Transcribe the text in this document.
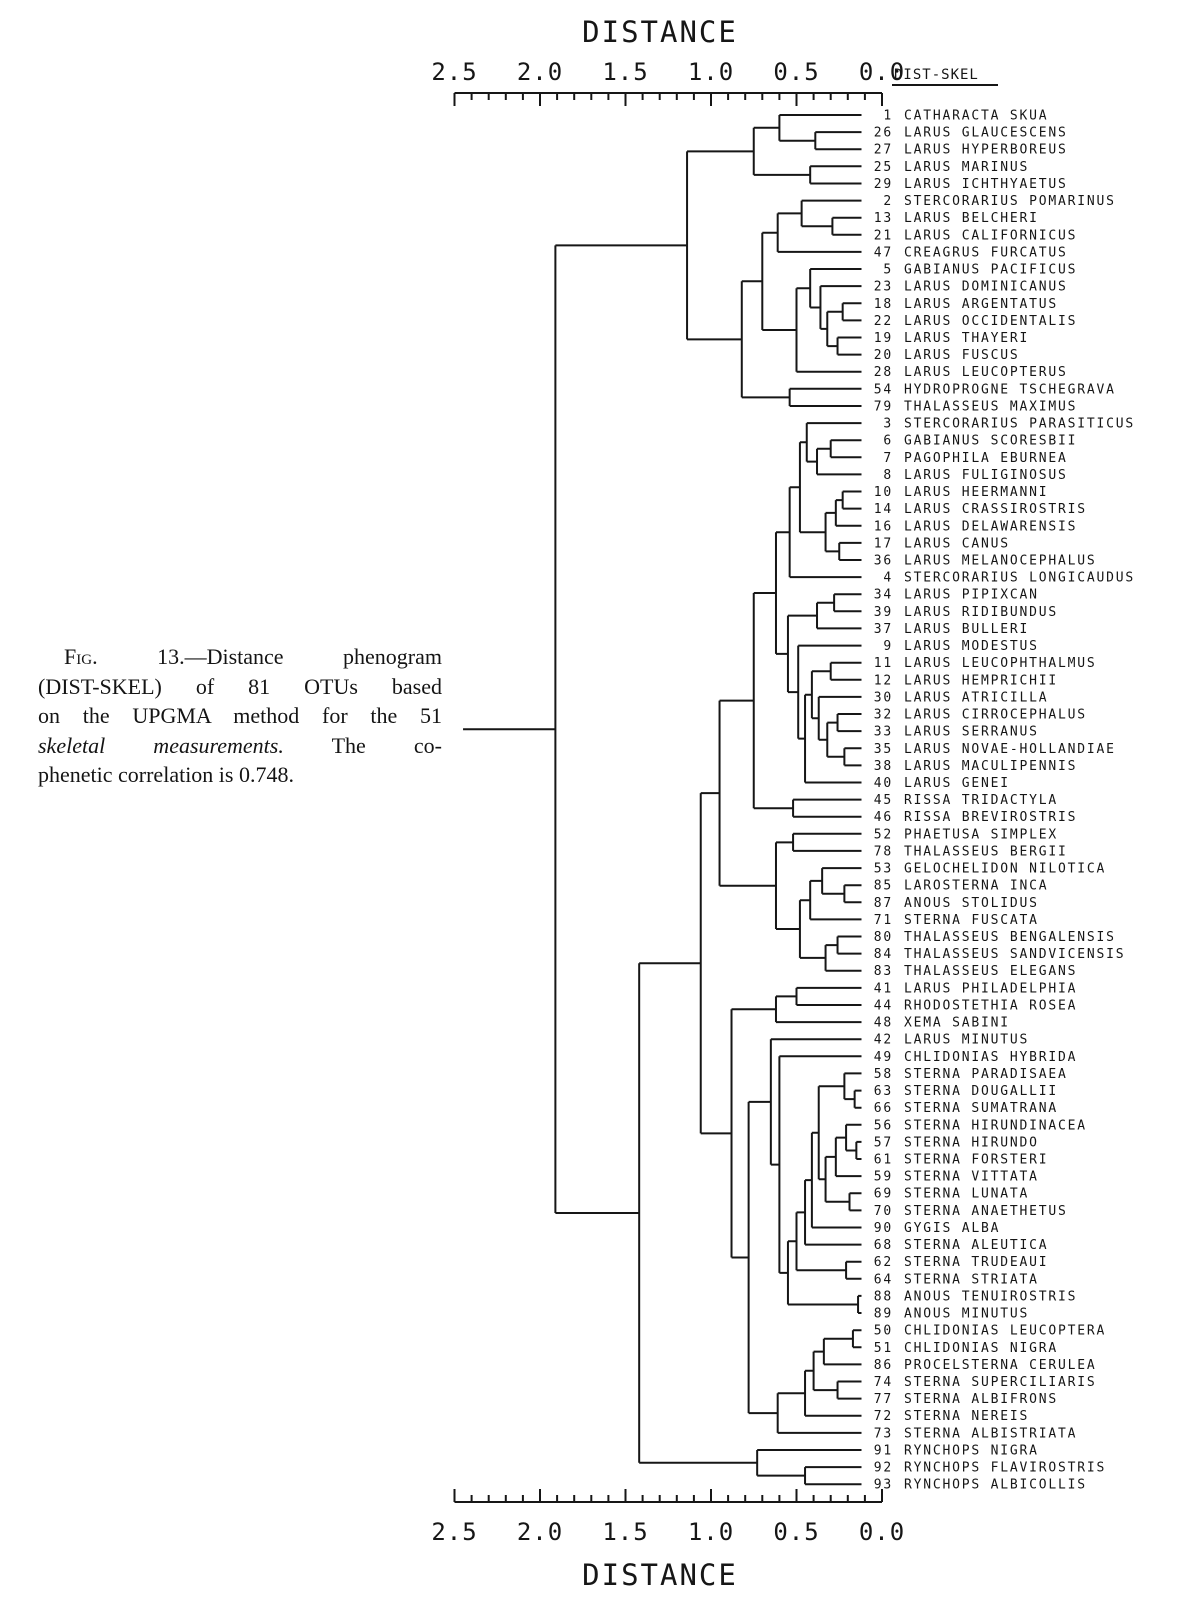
DISTANCE
DIST-SKEL
2.5 2.0 1.5 1.0 0.5 0.0
2.5 2.0 1.5 1.0 0.5 0.0
DISTANCE
1 CATHARACTA SKUA
26 LARUS GLAUCESCENS
27 LARUS HYPERBOREUS
25 LARUS MARINUS
29 LARUS ICHTHYAETUS
2 STERCORARIUS POMARINUS
13 LARUS BELCHERI
21 LARUS CALIFORNICUS
47 CREAGRUS FURCATUS
5 GABIANUS PACIFICUS
23 LARUS DOMINICANUS
18 LARUS ARGENTATUS
22 LARUS OCCIDENTALIS
19 LARUS THAYERI
20 LARUS FUSCUS
28 LARUS LEUCOPTERUS
54 HYDROPROGNE TSCHEGRAVA
79 THALASSEUS MAXIMUS
3 STERCORARIUS PARASITICUS
6 GABIANUS SCORESBII
7 PAGOPHILA EBURNEA
8 LARUS FULIGINOSUS
10 LARUS HEERMANNI
14 LARUS CRASSIROSTRIS
16 LARUS DELAWARENSIS
17 LARUS CANUS
36 LARUS MELANOCEPHALUS
4 STERCORARIUS LONGICAUDUS
34 LARUS PIPIXCAN
39 LARUS RIDIBUNDUS
37 LARUS BULLERI
9 LARUS MODESTUS
11 LARUS LEUCOPHTHALMUS
12 LARUS HEMPRICHII
30 LARUS ATRICILLA
32 LARUS CIRROCEPHALUS
33 LARUS SERRANUS
35 LARUS NOVAE-HOLLANDIAE
38 LARUS MACULIPENNIS
40 LARUS GENEI
45 RISSA TRIDACTYLA
46 RISSA BREVIROSTRIS
52 PHAETUSA SIMPLEX
78 THALASSEUS BERGII
53 GELOCHELIDON NILOTICA
85 LAROSTERNA INCA
87 ANOUS STOLIDUS
71 STERNA FUSCATA
80 THALASSEUS BENGALENSIS
84 THALASSEUS SANDVICENSIS
83 THALASSEUS ELEGANS
41 LARUS PHILADELPHIA
44 RHODOSTETHIA ROSEA
48 XEMA SABINI
42 LARUS MINUTUS
49 CHLIDONIAS HYBRIDA
58 STERNA PARADISAEA
63 STERNA DOUGALLII
66 STERNA SUMATRANA
56 STERNA HIRUNDINACEA
57 STERNA HIRUNDO
61 STERNA FORSTERI
59 STERNA VITTATA
69 STERNA LUNATA
70 STERNA ANAETHETUS
90 GYGIS ALBA
68 STERNA ALEUTICA
62 STERNA TRUDEAUI
64 STERNA STRIATA
88 ANOUS TENUIROSTRIS
89 ANOUS MINUTUS
50 CHLIDONIAS LEUCOPTERA
51 CHLIDONIAS NIGRA
86 PROCELSTERNA CERULEA
74 STERNA SUPERCILIARIS
77 STERNA ALBIFRONS
72 STERNA NEREIS
73 STERNA ALBISTRIATA
91 RYNCHOPS NIGRA
92 RYNCHOPS FLAVIROSTRIS
93 RYNCHOPS ALBICOLLIS
Fig. 13.—Distance phenogram
(DIST-SKEL) of 81 OTUs based
on the UPGMA method for the 51
skeletal measurements. The co-
phenetic correlation is 0.748.
